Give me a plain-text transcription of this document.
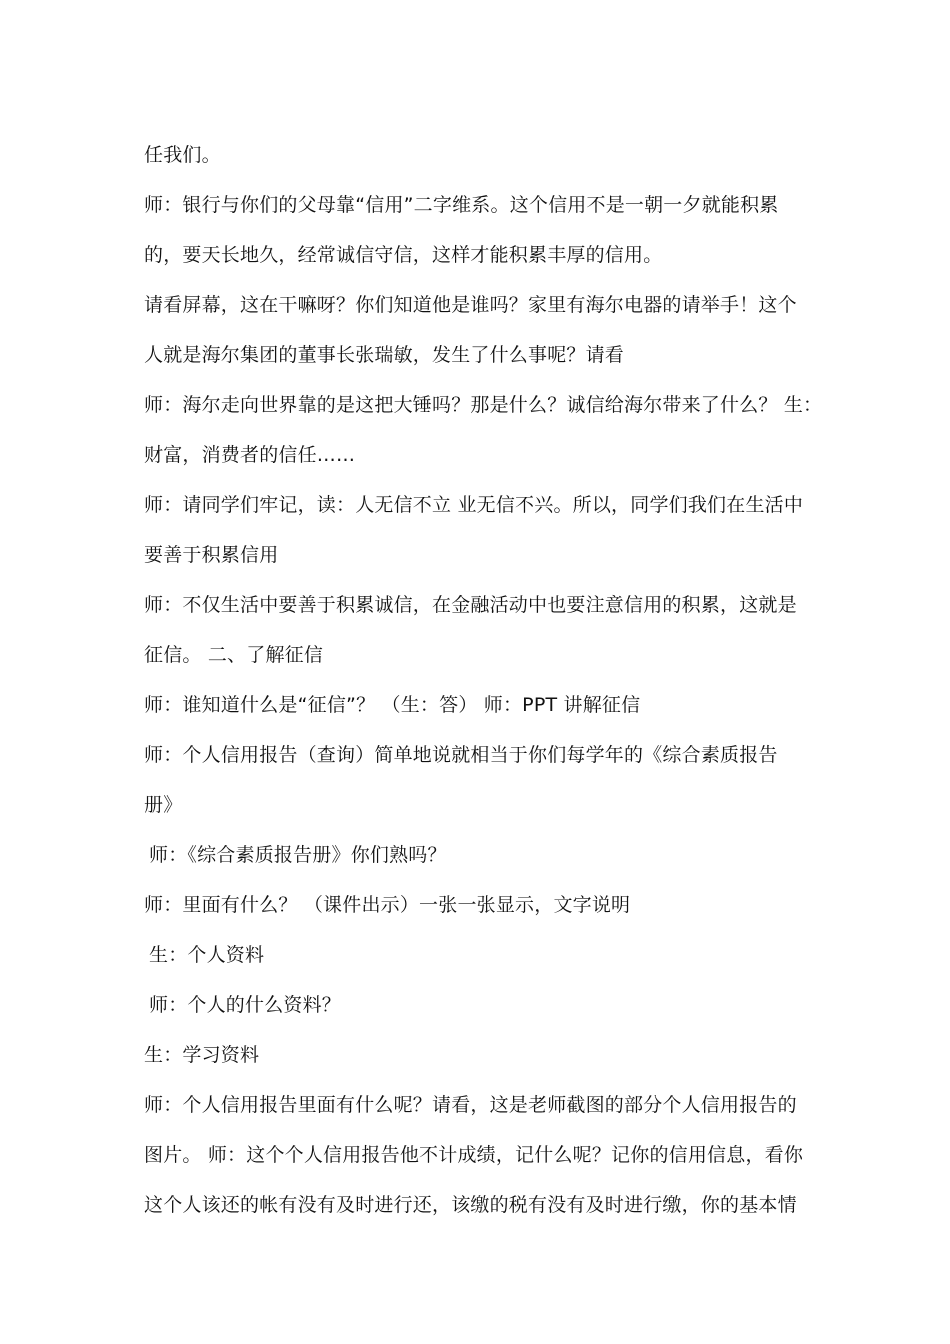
任我们。
师：银行与你们的父母靠“信用”二字维系。这个信用不是一朝一夕就能积累
的，要天长地久，经常诚信守信，这样才能积累丰厚的信用。
请看屏幕，这在干嘛呀？你们知道他是谁吗？家里有海尔电器的请举手！这个
人就是海尔集团的董事长张瑞敏，发生了什么事呢？请看
师：海尔走向世界靠的是这把大锤吗？那是什么？诚信给海尔带来了什么？ 生：
财富，消费者的信任……
师：请同学们牢记，读：人无信不立 业无信不兴。所以，同学们我们在生活中
要善于积累信用
师：不仅生活中要善于积累诚信，在金融活动中也要注意信用的积累，这就是
征信。 二、了解征信
师：谁知道什么是“征信”？ （生：答） 师：PPT 讲解征信
师：个人信用报告（查询）简单地说就相当于你们每学年的《综合素质报告
册》
师：《综合素质报告册》你们熟吗？
师：里面有什么？ （课件出示）一张一张显示，文字说明
生：个人资料
师：个人的什么资料？
生：学习资料
师：个人信用报告里面有什么呢？请看，这是老师截图的部分个人信用报告的
图片。 师：这个个人信用报告他不计成绩，记什么呢？记你的信用信息，看你
这个人该还的帐有没有及时进行还，该缴的税有没有及时进行缴，你的基本情
